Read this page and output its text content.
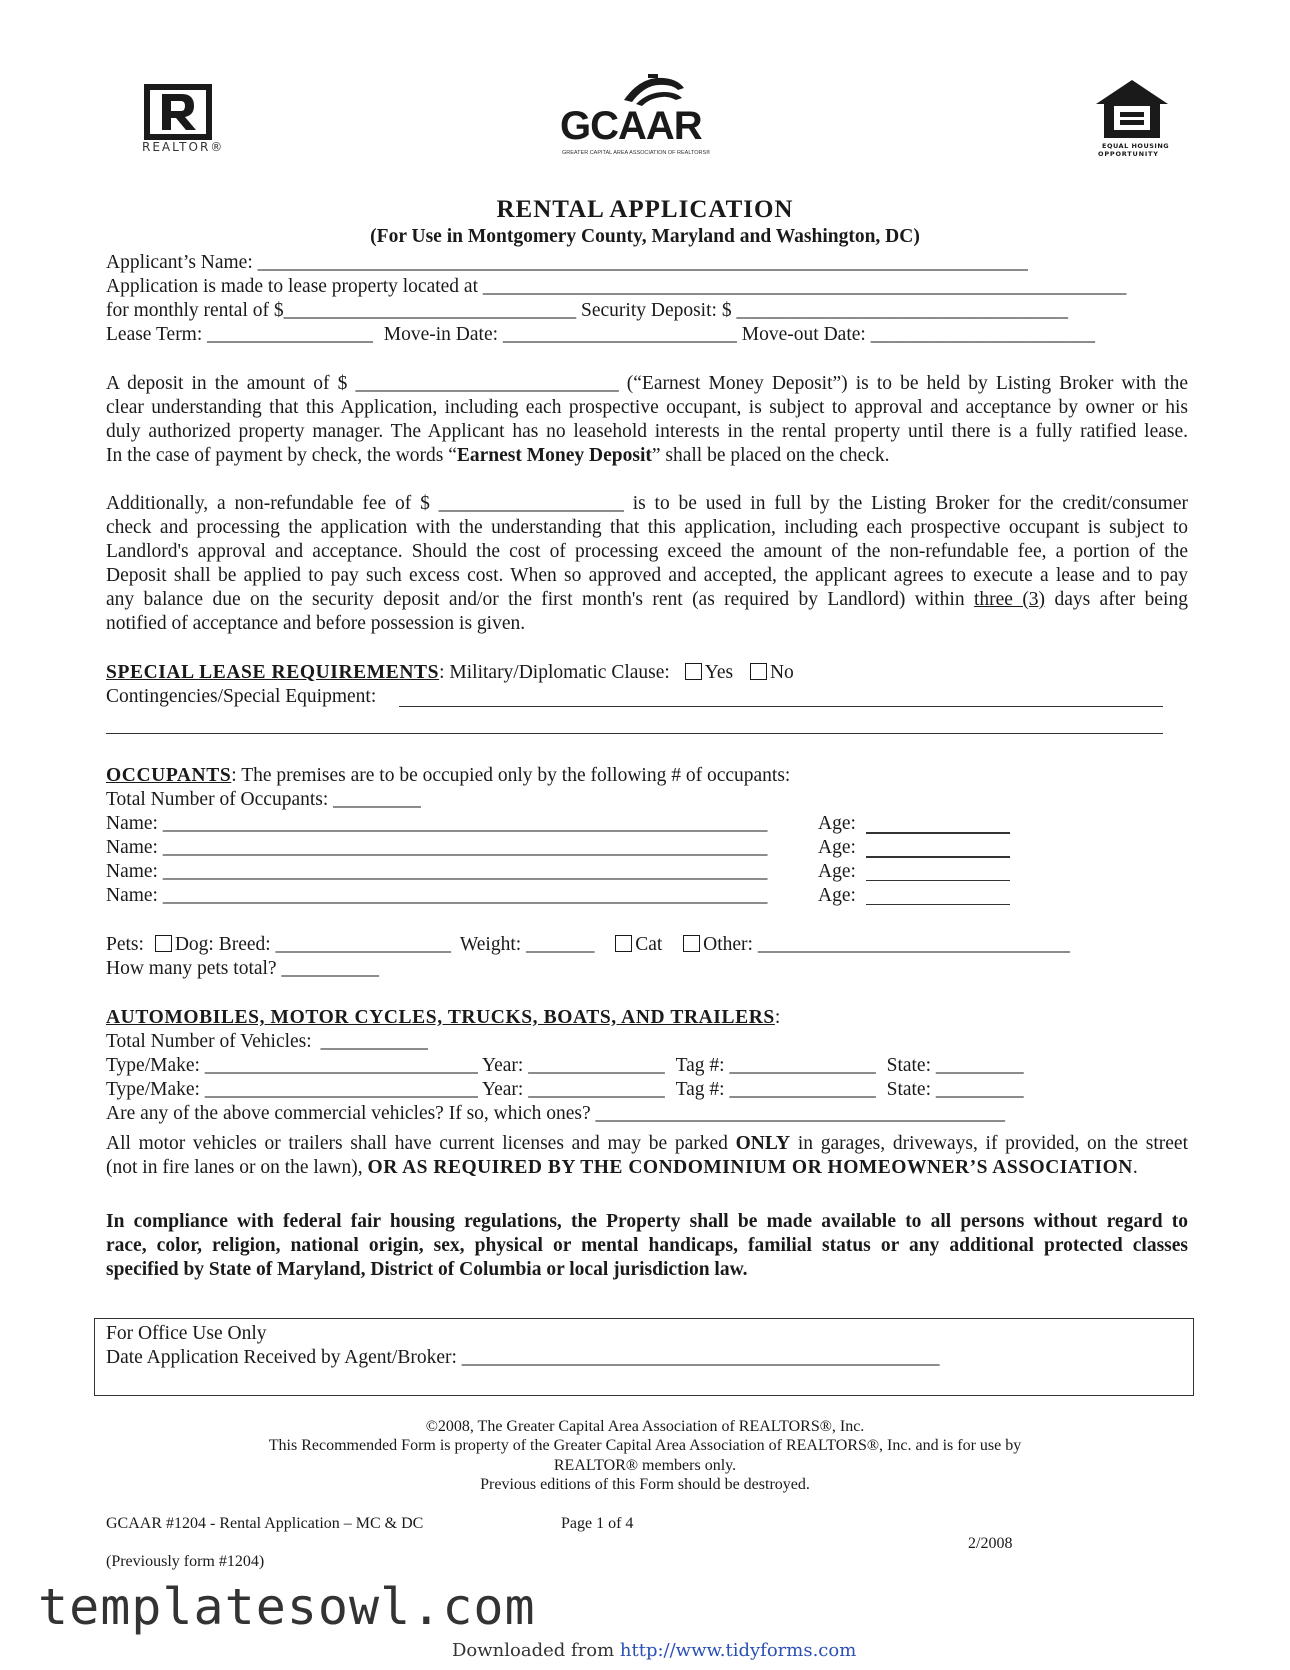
REALTOR®	GCAAR
GREATER CAPITAL AREA ASSOCIATION OF REALTORS®
EQUAL HOUSING
OPPORTUNITY
RENTAL APPLICATION
(For Use in Montgomery County, Maryland and Washington, DC)
Applicant’s Name: _______________________________________________________________________________
Application is made to lease property located at __________________________________________________________________
for monthly rental of $______________________________ Security Deposit: $ __________________________________
Lease Term: _________________ Move-in Date: ________________________ Move-out Date: _______________________
A deposit in the amount of $ ___________________________ (“Earnest Money Deposit”) is to be held by Listing Broker with the
clear understanding that this Application, including each prospective occupant, is subject to approval and acceptance by owner or his
duly authorized property manager. The Applicant has no leasehold interests in the rental property until there is a fully ratified lease.
In the case of payment by check, the words “Earnest Money Deposit” shall be placed on the check.
Additionally, a non-refundable fee of $ ___________________ is to be used in full by the Listing Broker for the credit/consumer
check and processing the application with the understanding that this application, including each prospective occupant is subject to
Landlord's approval and acceptance. Should the cost of processing exceed the amount of the non-refundable fee, a portion of the
Deposit shall be applied to pay such excess cost. When so approved and accepted, the applicant agrees to execute a lease and to pay
any balance due on the security deposit and/or the first month's rent (as required by Landlord) within three (3) days after being
notified of acceptance and before possession is given.
SPECIAL LEASE REQUIREMENTS: Military/Diplomatic Clause: Yes No
Contingencies/Special Equipment:
OCCUPANTS: The premises are to be occupied only by the following # of occupants:
Total Number of Occupants: _________
Name: ______________________________________________________________	Age:
Name: ______________________________________________________________	Age:
Name: ______________________________________________________________	Age:
Name: ______________________________________________________________	Age:
Pets: Dog: Breed: __________________ Weight: _______ Cat Other: ________________________________
How many pets total? __________
AUTOMOBILES, MOTOR CYCLES, TRUCKS, BOATS, AND TRAILERS:
Total Number of Vehicles: ___________
Type/Make: ____________________________ Year: ______________ Tag #: _______________ State: _________
Type/Make: ____________________________ Year: ______________ Tag #: _______________ State: _________
Are any of the above commercial vehicles? If so, which ones? __________________________________________
All motor vehicles or trailers shall have current licenses and may be parked ONLY in garages, driveways, if provided, on the street
(not in fire lanes or on the lawn), OR AS REQUIRED BY THE CONDOMINIUM OR HOMEOWNER’S ASSOCIATION.
In compliance with federal fair housing regulations, the Property shall be made available to all persons without regard to
race, color, religion, national origin, sex, physical or mental handicaps, familial status or any additional protected classes
specified by State of Maryland, District of Columbia or local jurisdiction law.
For Office Use Only
Date Application Received by Agent/Broker: _________________________________________________
©2008, The Greater Capital Area Association of REALTORS®, Inc.
This Recommended Form is property of the Greater Capital Area Association of REALTORS®, Inc. and is for use by
REALTOR® members only.
Previous editions of this Form should be destroyed.
GCAAR #1204 - Rental Application – MC & DC	Page 1 of 4
2/2008
(Previously form #1204)
templatesowl.com
Downloaded from http://www.tidyforms.com
